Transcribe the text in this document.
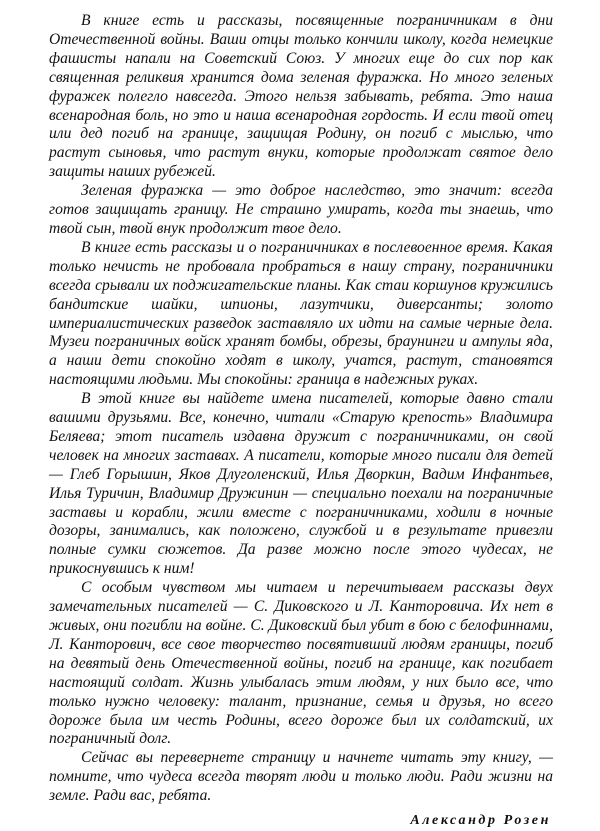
В книге есть и рассказы, посвященные пограничникам в дни Отечественной войны. Ваши отцы только кончили школу, когда немецкие фашисты напали на Советский Союз. У многих еще до сих пор как священная реликвия хранится дома зеленая фуражка. Но много зеленых фуражек полегло навсегда. Этого нельзя забывать, ребята. Это наша всенародная боль, но это и наша всенародная гордость. И если твой отец или дед погиб на границе, защищая Родину, он погиб с мыслью, что растут сыновья, что растут внуки, которые продолжат святое дело защиты наших рубежей.

Зеленая фуражка — это доброе наследство, это значит: всегда готов защищать границу. Не страшно умирать, когда ты знаешь, что твой сын, твой внук продолжит твое дело.

В книге есть рассказы и о пограничниках в послевоенное время. Какая только нечисть не пробовала пробраться в нашу страну, пограничники всегда срывали их поджигательские планы. Как стаи коршунов кружились бандитские шайки, шпионы, лазутчики, диверсанты; золото империалистических разведок заставляло их идти на самые черные дела. Музеи пограничных войск хранят бомбы, обрезы, браунинги и ампулы яда, а наши дети спокойно ходят в школу, учатся, растут, становятся настоящими людьми. Мы спокойны: граница в надежных руках.

В этой книге вы найдете имена писателей, которые давно стали вашими друзьями. Все, конечно, читали «Старую крепость» Владимира Беляева; этот писатель издавна дружит с пограничниками, он свой человек на многих заставах. А писатели, которые много писали для детей — Глеб Горышин, Яков Длуголенский, Илья Дворкин, Вадим Инфантьев, Илья Туричин, Владимир Дружинин — специально поехали на пограничные заставы и корабли, жили вместе с пограничниками, ходили в ночные дозоры, занимались, как положено, службой и в результате привезли полные сумки сюжетов. Да разве можно после этого чудесах, не прикоснувшись к ним!

С особым чувством мы читаем и перечитываем рассказы двух замечательных писателей — С. Диковского и Л. Канторовича. Их нет в живых, они погибли на войне. С. Диковский был убит в бою с белофиннами, Л. Канторович, все свое творчество посвятивший людям границы, погиб на девятый день Отечественной войны, погиб на границе, как погибает настоящий солдат. Жизнь улыбалась этим людям, у них было все, что только нужно человеку: талант, признание, семья и друзья, но всего дороже была им честь Родины, всего дороже был их солдатский, их пограничный долг.

Сейчас вы перевернете страницу и начнете читать эту книгу, — помните, что чудеса всегда творят люди и только люди. Ради жизни на земле. Ради вас, ребята.

Александр Розен
